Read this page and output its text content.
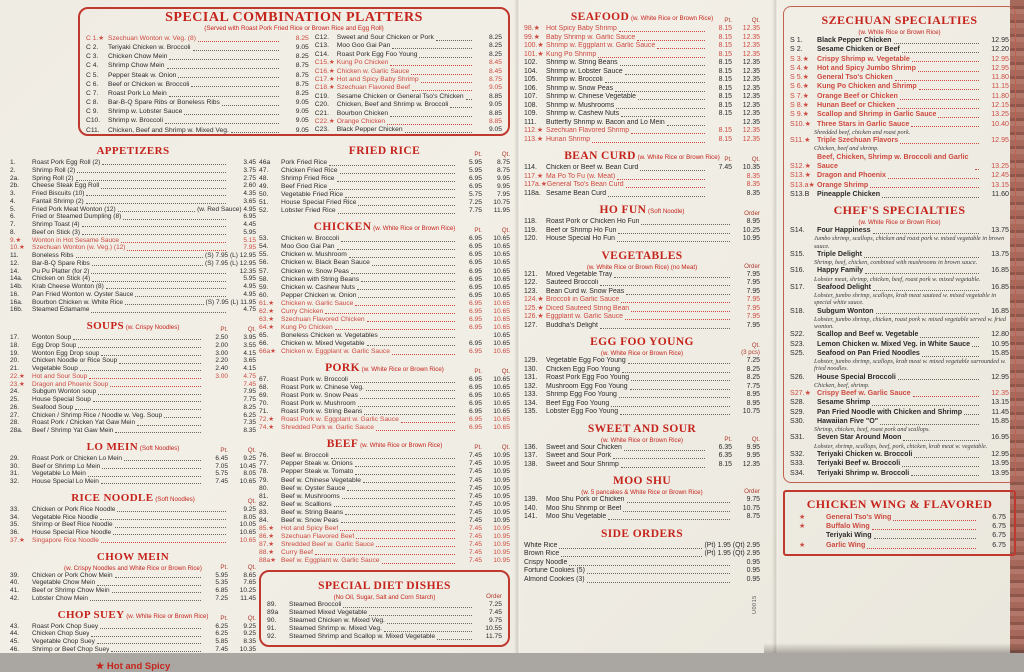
SPECIAL COMBINATION PLATTERS
(Served with Roast Pork Fried Rice or Brown Rice and Egg Roll)
C 1.★ Szechuan Wonton w. Veg. (8)	8.25
C 2.	Teriyaki Chicken w. Broccoli	9.05
C 3.	Chicken Chow Mein	8.25
C 4.	Shrimp Chow Mein	8.75
C 5.	Pepper Steak w. Onion	8.75
C 6.	Beef or Chicken w. Broccoli	8.75
C 7.	Roast Pork Lo Mein	8.25
C 8.	Bar-B-Q Spare Ribs or Boneless Ribs	9.05
C 9.	Shrimp w. Lobster Sauce	9.05
C10.	Shrimp w. Broccoli	9.05
C11.	Chicken, Beef and Shrimp w. Mixed Veg.	9.05
C12.	Sweet and Sour Chicken or Pork	8.25
C13.	Moo Goo Gai Pan	8.25
C14.	Roast Pork Egg Foo Young	8.25
C15.★ Kung Po Chicken	8.45
C16.★ Chicken w. Garlic Sauce	8.45
C17.★ Hot and Spicy Baby Shrimp	8.75
C18.★ Szechuan Flavored Beef	9.05
C19.	Sesame Chicken or General Tso's Chicken	8.85
C20.	Chicken, Beef and Shrimp w. Broccoli	9.05
C21.	Bourbon Chicken	8.85
C22.★ Orange Chicken	8.85
C23.	Black Pepper Chicken	9.05
APPETIZERS
1.	Roast Pork Egg Roll (2)	3.45
2.	Shrimp Roll (2)	3.75
2a.	Spring Roll (2)	2.75
2b.	Cheese Steak Egg Roll	2.60
3.	Fried Biscuits (10)	4.35
4.	Fantail Shrimp (2)	3.65
5.	Fried Pork Meat Wonton (12)	(w. Red Sauce) 4.95
6.	Fried or Steamed Dumpling (8)	6.95
7.	Shrimp Toast (4)	4.45
8.	Beef on Stick (3)	5.95
9.★	Wonton in Hot Sesame Sauce	5.15
10.★	Szechuan Wonton (w. Veg.) (12)	7.95
11.	Boneless Ribs	(S) 7.95 (L) 12.95
12.	Bar-B-Q Spare Ribs	(S) 7.95 (L) 12.95
14.	Pu Pu Platter (for 2)	12.35
14a.	Chicken on Stick (4)	5.95
14b.	Krab Cheese Wonton (8)	4.95
16.	Pan Fried Wonton w. Oyster Sauce	4.95
16a.	Bourbon Chicken w. White Rice	(S) 7.95 (L) 11.95
16b.	Steamed Edamame	4.75
SOUPS (w. Crispy Noodles)	Pt.	Qt.
17.	Wonton Soup	2.50	3.95
18.	Egg Drop Soup	2.00	3.55
19.	Wonton Egg Drop soup	3.00	4.15
20.	Chicken Noodle or Rice Soup	2.20	3.65
21.	Vegetable Soup	2.40	4.15
22.★	Hot and Sour Soup	3.00	4.75
23.★	Dragon and Phoenix Soup	7.45
24.	Subgum Wonton soup	7.95
25.	House Special Soup	7.75
26.	Seafood Soup	8.25
27.	Chicken / Shrimp Rice / Noodle w. Veg. Soup	6.25
28.	Roast Pork / Chicken Yat Gaw Mein	7.35
28a.	Beef / Shrimp Yat Gaw Mein	8.35
LO MEIN (Soft Noodles)	Pt.	Qt.
29.	Roast Pork or Chicken Lo Mein	6.45	9.25
30.	Beef or Shrimp Lo Mein	7.05	10.45
31.	Vegetable Lo Mein	5.75	8.05
32.	House Special Lo Mein	7.45	10.65
RICE NOODLE (Soft Noodles)	Qt.
33.	Chicken or Pork Rice Noodle	9.25
34.	Vegetable Rice Noodle	8.05
35.	Shrimp or Beef Rice Noodle	10.05
36.	House Special Rice Noodle	10.65
37.★	Singapore Rice Noodle	10.65
CHOW MEIN
(w. Crispy Noodles and White Rice or Brown Rice)	Pt.	Qt.
39.	Chicken or Pork Chow Mein	5.95	8.65
40.	Vegetable Chow Mein	5.35	7.65
41.	Beef or Shrimp Chow Mein	6.85	10.25
42.	Lobster Chow Mein	7.25	11.45
CHOP SUEY (w. White Rice or Brown Rice)	Pt.	Qt.
43.	Roast Pork Chop Suey	6.25	9.25
44.	Chicken Chop Suey	6.25	9.25
45.	Vegetable Chop Suey	5.85	8.35
46.	Shrimp or Beef Chop Suey	7.45	10.35
★ Hot and Spicy
FRIED RICE	Pt.	Qt.
46a	Pork Fried Rice	5.95	8.75
47.	Chicken Fried Rice	5.95	8.75
48.	Shrimp Fried Rice	6.95	9.95
49.	Beef Fried Rice	6.95	9.95
50.	Vegetable Fried Rice	5.75	7.95
51.	House Special Fried Rice	7.25	10.75
52.	Lobster Fried Rice	7.75	11.95
CHICKEN (w. White Rice or Brown Rice)	Pt.	Qt.
53.	Chicken w. Broccoli	6.95	10.65
54.	Moo Goo Gai Pan	6.95	10.65
55.	Chicken w. Mushroom	6.95	10.65
56.	Chicken w. Black Bean Sauce	6.95	10.65
57.	Chicken w. Snow Peas	6.95	10.65
58.	Chicken with String Beans	6.95	10.65
59.	Chicken w. Cashew Nuts	6.95	10.65
60.	Pepper Chicken w. Onion	6.95	10.65
61.★	Chicken w. Garlic Sauce	6.95	10.65
62.★	Curry Chicken	6.95	10.65
63.★	Szechuan Flavored Chicken	6.95	10.65
64.★	Kung Po Chicken	6.95	10.65
65.	Boneless Chicken w. Vegetables	10.65
66.	Chicken w. Mixed Vegetable	6.95	10.65
66a★ Chicken w. Eggplant w. Garlic Sauce	6.95	10.65
PORK (w. White Rice or Brown Rice)	Pt.	Qt.
67.	Roast Pork w. Broccoli	6.95	10.65
68.	Roast Pork w. Chinese Veg.	6.95	10.65
69.	Roast Pork w. Snow Peas	6.95	10.65
70.	Roast Pork w. Mushroom	6.95	10.65
71.	Roast Pork w. String Beans	6.95	10.65
72.★	Roast Pork w. Eggplant w. Garlic Sauce	6.95	10.65
74.★	Shredded Pork w. Garlic Sauce	6.95	10.65
BEEF (w. White Rice or Brown Rice)	Pt.	Qt.
76.	Beef w. Broccoli	7.45	10.95
77.	Pepper Steak w. Onions	7.45	10.95
78.	Pepper Steak w. Tomato	7.45	10.95
79.	Beef w. Chinese Vegetable	7.45	10.95
80.	Beef w. Oyster Sauce	7.45	10.95
81.	Beef w. Mushrooms	7.45	10.95
82.	Beef w. Scallions	7.45	10.95
83.	Beef w. String Beans	7.45	10.95
84.	Beef w. Snow Peas	7.45	10.95
85.★	Hot and Spicy Beef	7.45	10.95
86.★	Szechuan Flavored Beef	7.45	10.95
87.★	Shredded Beef w. Garlic Sauce	7.45	10.95
88.★	Curry Beef	7.45	10.95
88a★ Beef w. Eggplant w. Garlic Sauce	7.45	10.95
SPECIAL DIET DISHES
(No Oil, Sugar, Salt and Corn Starch)	Order
89.	Steamed Broccoli	7.25
89a	Steamed Mixed Vegetable	7.45
90.	Steamed Chicken w. Mixed Veg.	9.75
91.	Steamed Shrimp w. Mixed Veg.	10.55
92.	Steamed Shrimp and Scallop w. Mixed Vegetable	11.75
SEAFOOD (w. White Rice or Brown Rice)	Pt.	Qt.
98.★ Hot Spicy Baby Shrimp	8.15	12.35
99.★ Baby Shrimp w. Garlic Sauce	8.15	12.35
100.★ Shrimp w. Eggplant w. Garlic Sauce	8.15	12.35
101.★ Kung Po Shrimp	8.15	12.35
102.	Shrimp w. String Beans	8.15	12.35
104.	Shrimp w. Lobster Sauce	8.15	12.35
105.	Shrimp w. Broccoli	8.15	12.35
106.	Shrimp w. Snow Peas	8.15	12.35
107.	Shrimp w. Chinese Vegetable	8.15	12.35
108.	Shrimp w. Mushrooms	8.15	12.35
109.	Shrimp w. Cashew Nuts	8.15	12.35
111.	Butterfly Shrimp w. Bacon and Lo Mein	12.35
112.★ Szechuan Flavored Shrimp	8.15	12.35
113.★ Hunan Shrimp	8.15	12.35
BEAN CURD (w. White Rice or Brown Rice) Pt.	Qt.
114.	Chicken or Beef w. Bean Curd	7.45	10.35
117.★ Ma Po To Fu (w. Meat)	8.35
117a.★ General Tso's Bean Curd	8.35
118a. Sesame Bean Curd	8.35
HO FUN (Soft Noodle)	Order
118.	Roast Pork or Chicken Ho Fun	8.95
119.	Beef or Shrimp Ho Fun	10.25
120.	House Special Ho Fun	10.95
VEGETABLES
(w. White Rice or Brown Rice) (no Meat)	Order
121.	Mixed Vegetable Tray	7.95
122.	Sauteed Broccoli	7.95
123.	Bean Curd w. Snow Peas	7.95
124.★ Broccoli in Garlic Sauce	7.95
125.★ Diced Sauteed String Bean	7.95
126.★ Eggplant w. Garlic Sauce	7.95
127.	Buddha's Delight	7.95
EGG FOO YOUNG	Qt.
(w. White Rice or Brown Rice)	(3 pcs)
129.	Vegetable Egg Foo Young	7.25
130.	Chicken Egg Foo Young	8.25
131.	Roast Pork Egg Foo Young	8.25
132.	Mushroom Egg Foo Young	7.75
133.	Shrimp Egg Foo Young	8.95
134.	Beef Egg Foo Young	8.95
135.	Lobster Egg Foo Young	10.75
SWEET AND SOUR
(w. White Rice or Brown Rice)	Pt.	Qt.
136.	Sweet and Sour Chicken	6.35	9.95
137.	Sweet and Sour Pork	6.35	9.95
138.	Sweet and Sour Shrimp	8.15	12.35
MOO SHU
(w. 5 pancakes & White Rice or Brown Rice)	Order
139.	Moo Shu Pork or Chicken	9.75
140.	Moo Shu Shrimp or Beef	10.75
141.	Moo Shu Vegetable	8.75
SIDE ORDERS
White Rice	(Pt) 1.95 (Qt) 2.95
Brown Rice	(Pt) 1.95 (Qt) 2.95
Crispy Noodle	0.95
Fortune Cookies (5)	0.95
Almond Cookies (3)	0.95
SZECHUAN SPECIALTIES
(w. White Rice or Brown Rice)
S 1.	Black Pepper Chicken	12.95
S 2.	Sesame Chicken or Beef	12.20
S 3.★	Crispy Shrimp w. Vegetable	12.95
S 4.★	Hot and Spicy Jumbo Shrimp	12.95
S 5.★	General Tso's Chicken	11.80
S 6.★	Kung Po Chicken and Shrimp	11.15
S 7.★	Orange Beef or Chicken	11.80
S 8.★	Hunan Beef or Chicken	12.15
S 9.★	Scallop and Shrimp in Garlic Sauce	13.25
S10.★ Three Stars in Garlic Sauce	10.40
Shredded beef, chicken and roast pork.
S11.★ Triple Szechuan Flavors	12.95
Chicken, beef and shrimp.
S12.★
Beef, Chicken, Shrimp w. Broccoli and Garlic Sauce	13.25
S13.★ Dragon and Phoenix	12.45
S13.a★ Orange Shrimp	13.15
S13.B	Pineapple Chicken	11.60
CHEF'S SPECIALTIES
(w. White Rice or Brown Rice)
S14.	Four Happiness	13.75
Jumbo shrimp, scallops, chicken and roast pork w. mixed vegetable in brown sauce.
S15.	Triple Delight	13.75
Shrimp, beef, chicken, combined with mushrooms in brown sauce.
S16.	Happy Family	16.85
Lobster meat, shrimp, chicken, beef, roast pork w. mixed vegetable.
S17.	Seafood Delight	16.85
Lobster, jumbo shrimp, scallops, krab meat sauteed w. mixed vegetable in special white sauce.
S18.	Subgum Wonton	16.85
Lobster, jumbo shrimp, chicken, roast pork w. mixed vegetable served w. fried wonton.
S22.	Scallop and Beef w. Vegetable	12.80
S23.	Lemon Chicken w. Mixed Veg. in White Sauce	10.95
S25.	Seafood on Pan Fried Noodles	15.85
Lobster, jumbo shrimp, scallops, krab meat w. mixed vegetable surrounded w. fried noodles.
S26.	House Special Broccoli	12.95
Chicken, beef, shrimp.
S27.★ Crispy Beef w. Garlic Sauce	12.35
S28.	Sesame Shrimp	13.15
S29.	Pan Fried Noodle with Chicken and Shrimp	11.45
S30.	Hawaiian Five "O"	15.85
Shrimp, chicken, beef, roast pork and scallops.
S31.	Seven Star Around Moon	16.95
Lobster, shrimp, scallops, beef, pork, chicken, krab meat w. vegetable.
S32.	Teriyaki Chicken w. Broccoli	12.95
S33.	Teriyaki Beef w. Broccoli	13.95
S34.	Teriyaki Shrimp w. Broccoli	13.95
CHICKEN WING & FLAVORED
★	General Tso's Wing	6.75
★	Buffalo Wing	6.75
Teriyaki Wing	6.75
★	Garlic Wing	6.75
U0015
